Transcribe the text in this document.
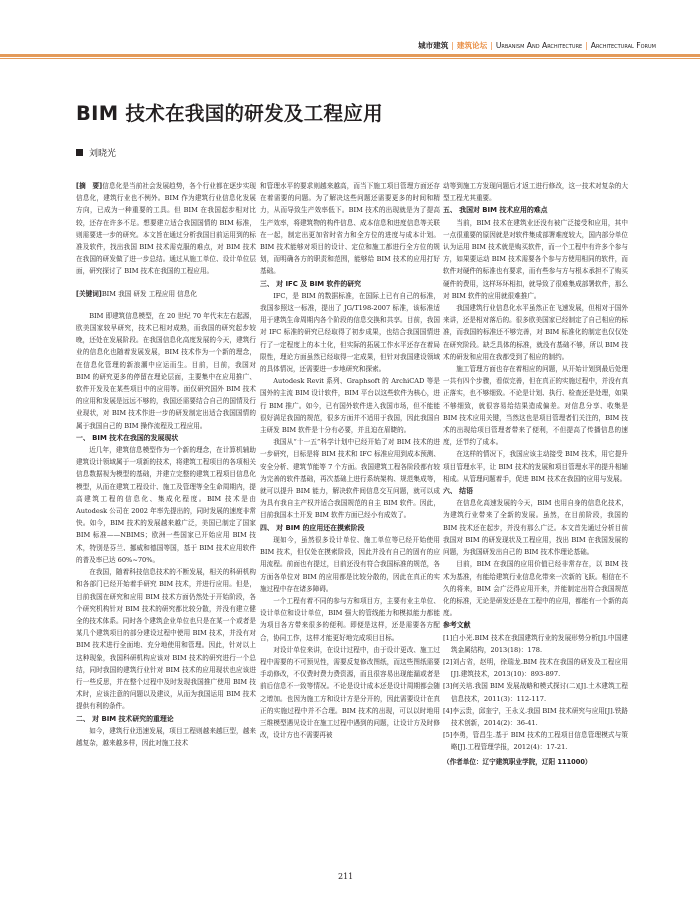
城市建筑 | 建筑论坛 | Urbanism And Architecture | Architectural Forum
BIM 技术在我国的研发及工程应用
刘晓光

[摘　要]信息化是当前社会发展趋势，各个行业都在逐步实现信息化，建筑行业也不例外。BIM 作为建筑行业信息化发展方向，已成为一种重要的工具。但 BIM 在我国起步相对比较，还存在许多不足。想要建立适合我国国情的 BIM 标准，则需要进一步的研究。本文旨在通过分析我国目前运用到的标准及软件，找出我国 BIM 技术需克服的难点，对 BIM 技术在我国的研发做了进一步总结。通过从施工单位、设计单位层面，研究探讨了 BIM 技术在我国的工程应用。

[关键词]BIM 我国 研发 工程应用 信息化

BIM 即建筑信息模型，在 20 世纪 70 年代末左右起源，欧美国家较早研究，技术已相对成熟，而我国的研究起步较晚，还处在发展阶段。在我国信息化高度发展的今天，建筑行业的信息化也随着发展发展，BIM 技术作为一个新的理念，在信息化管理的新浪潮中应运而生。目前，目前，我国对 BIM 的研究更多的停留在理论层面，主要集中在应用推广、软件开发及在某些项目中的应用等。面仅研究国外 BIM 技术的应用和发展是远远不够的，我国还需要结合自己的国情及行业现状，对 BIM 技术作进一步的研发制定出适合我国国情的属于我国自己的 BIM 操作流程及工程应用。

一、 BIM 技术在我国的发展现状

近几年，建筑信息模型作为一个新的理念，在计算机辅助建筑设计领域属于一项新的技术，将建筑工程项目的各项相关信息数据视为模型的基础，并建立完整的建筑工程项目信息化模型，从而在建筑工程设计、施工及管理等全生命周期内，提高建筑工程的信息化、集成化程度。BIM 技术是由 Autodesk 公司在 2002 年率先提出的，同时发展的速度非常快。如今，BIM 技术的发展越来越广泛，美国已制定了国家 BIM 标准——NBIMS；欧洲一些国家已开始应用 BIM 技术，特别是芬兰、挪威和德国等国，基于 BIM 技术应用软件的普及率已达 60%~70%。

在我国，随着科技信息技术的不断发展，相关的科研机构和各部门已经开始着手研究 BIM 技术，并进行应用。但是，目前我国在研究和应用 BIM 技术方面仍然处于开始阶段，各个研究机构针对 BIM 技术的研究都比较分散，并没有建立健全的技术体系。同时各个建筑企业单位也只是在某一个或者是某几个建筑项目的部分建设过程中使用 BIM 技术，并没有对 BIM 技术进行全面地、充分地使用和管理。因此，针对以上这种现象，我国科研机构应该对 BIM 技术的研究进行一个总结，同时我国的建筑行业针对 BIM 技术的应用现状也应该进行一些反思，并在整个过程中及时发现我国推广使用 BIM 技术时，应该注意的问题以及建议，从而为我国运用 BIM 技术提供有利的条件。

二、 对 BIM 技术研究的重理论

如今，建筑行业迅速发展，项目工程则越来越巨型，越来越复杂，越来越多样，因此对施工技术

和管理水平的要求则越来越高，而当下施工项目管理方面还存在着需要的问题。为了解决这些问题还需要更多的时间和精力，从而导致生产效率低下。BIM 技术的出现就是为了提高生产效率，将建筑物的构件信息、成本信息和进度信息等关联在一起，制定出更加省时省力和全方位的进度与成本计划。BIM 技术能够对项目的设计、定位和施工都进行全方位的规划，而明确各方的职责和范围，能够给 BIM 技术的应用打好基础。

三、 对 IFC 及 BIM 软件的研究

IFC，是 BIM 的数据标准，在国际上已有自己的标准，我国参照这一标准，提出了 JG/T198-2007 标准，该标准适用于建筑生命周期内各个阶段的信息交换和共享。目前，我国对 IFC 标准的研究已经取得了初步成果，也结合我国国情进行了一定程度上的本土化，但实际的拓展工作水平还存在着局限性，理论方面虽然已经取得一定成果，但针对我国建设领域的具体情况，还需要进一步地研究和探索。

Autodesk Revit 系列、Graphsoft 的 ArchiCAD 等是国外的主流 BIM 设计软件，BIM 平台以这些软件为核心，进行 BIM 推广。如今，已有国外软件进入我国市场，但不能能很好满足我国的规范，很多方面并不适用于我国，因此我国自主研发 BIM 软件是十分有必要，并且迫在眉睫的。

我国从“十一五”科学计划中已经开始了对 BIM 技术的进一步研究，目标是将 BIM 技术和 IFC 标准应用到成本预测、安全分析、建筑节能等 7 个方面。我国建筑工程各阶段都有较为完善的软件基础，再次基础上进行系统架构、规范集成等，就可以提升 BIM 能力，解决软件间信息交互问题，就可以成为具有我自主产权并适合我国规范的自主 BIM 软件。因此，目前我国本土开发 BIM 软件方面已经小有成效了。

四、 对 BIM 的应用还在摸索阶段

现如今，虽然很多设计单位、施工单位等已经开始使用 BIM 技术，但仅处在摸索阶段，因此并没有自己的固有的应用流程。前面也有提过，目前还没有符合我国标准的规范，各方面各单位对 BIM 的应用都是比较分散的，因此在真正的实施过程中存在诸多障碍。

一个工程有着不同的参与方和项目方，主要有业主单位、设计单位和设计单位，BIM 强大的管线能力和模拟能力都能为项目各方带来很多的便利。即便是这样，还是需要各方配合，协同工作，这样才能更好地完成项目目标。

对设计单位来讲，在设计过程中，由于设计更改、施工过程中需要的不可预见性，需要反复修改图纸，而这些图纸需要手动修改，不仅费时费力费资源，而且很容易出现能漏或者是前后信息不一致等情况。不论是设计成本还是设计周期都会随之增加。也因为施工方和设计方是分开的，因此需要设计在真正的实施过程中并不合理。BIM 技术的出现，可以以时地用三维模型遇见设计在施工过程中遇到的问题，让设计方及时修改，设计方也不需要再被

动等到施工方发现问题后才返工进行修改，这一技术对复杂的大型工程尤其重要。

五、 我国对 BIM 技术应用的难点

当前，BIM 技术在建筑业还没有被广泛接受和应用，其中一点很重要的原因就是对软件集成部署难度较大，国内部分单位认为运用 BIM 技术就是购买软件，而一个工程中有许多个参与方，如果要运动 BIM 技术需要各个参与方使用相同的软件，而软件对硬件的标准也有要求，而有些参与方与根本承担不了购买硬件的费用，这样环环相扣，就导致了很难集成部署软件，那么对 BIM 软件的应用就很难推广。

我国建筑行业信息化水平虽然正在飞速发展，但相对于国外来讲，还是相对落后的。很多欧美国家已经制定了自己相应的标准，而我国的标准还不够完善，对 BIM 标准化的制定也仅仅处在研究阶段。缺乏具体的标准，就没有基础不够，所以 BIM 技术的研发和应用在我都受到了相应的制约。

施工管理方面也存在着相应的问题，从开始计划到最后处理一共有四个步骤，看似完善，但在真正的实施过程中，并没有真正落实，也不够细致。不论是计划、执行、检查还是处理，如果不够细致，就很容易给结果造成偏差。对信息分享、收集是 BIM 技术应用关键，当然这也是项目管理者们关注的，BIM 技术的出现给项目管理者带来了便利，不但提高了传播信息的速度，还节约了成本。

在这样的情况下，我国应该主动接受 BIM 技术，用它提升项目管理水平，让 BIM 技术的发展和项目管理水平的提升相辅相成。从管理问题着手，促进 BIM 技术在我国的应用与发展。

六、 结语

在信息化高速发展的今天，BIM 也用自身的信息化技术，为建筑行业带来了全新的发展。虽然，在目前阶段，我国的 BIM 技术还在起步，并没有那么广泛。本文首先通过分析目前我国对 BIM 的研发现状及工程应用，找出 BIM 在我国发展的问题，为我国研发出自己的 BIM 技术作理论基础。

目前，BIM 在我国的应用价值已经非常存在，以 BIM 技术为基准，有能给建筑行业信息化带来一次新的飞跃。相信在不久的将来，BIM 会广泛得应用开来，并能制定出符合我国规范化的标准，无论是研发还是在工程中的应用，都能有一个新的高度。

参考文献

[1]白小光.BIM 技术在我国建筑行业的发展形势分析[J].中国建筑金属结构，2013(18)：178.

[2]刘占省，赵明，徐瑞龙.BIM 技术在我国的研发及工程应用[J].建筑技术，2013(10)：893-897.

[3]何关培.我国 BIM 发展战略和模式探讨(二)[J].土木建筑工程信息技术，2011(3)：112-117.

[4]李云贵，邱奎宁，王永义.我国 BIM 技术研究与应用[J].铁路技术创新，2014(2)：36-41.

[5]李勇，管昌生.基于 BIM 技术的工程项目信息管理模式与策略[J].工程管理学报，2012(4)：17-21.

（作者单位：辽宁建筑职业学院，辽阳 111000）

211
